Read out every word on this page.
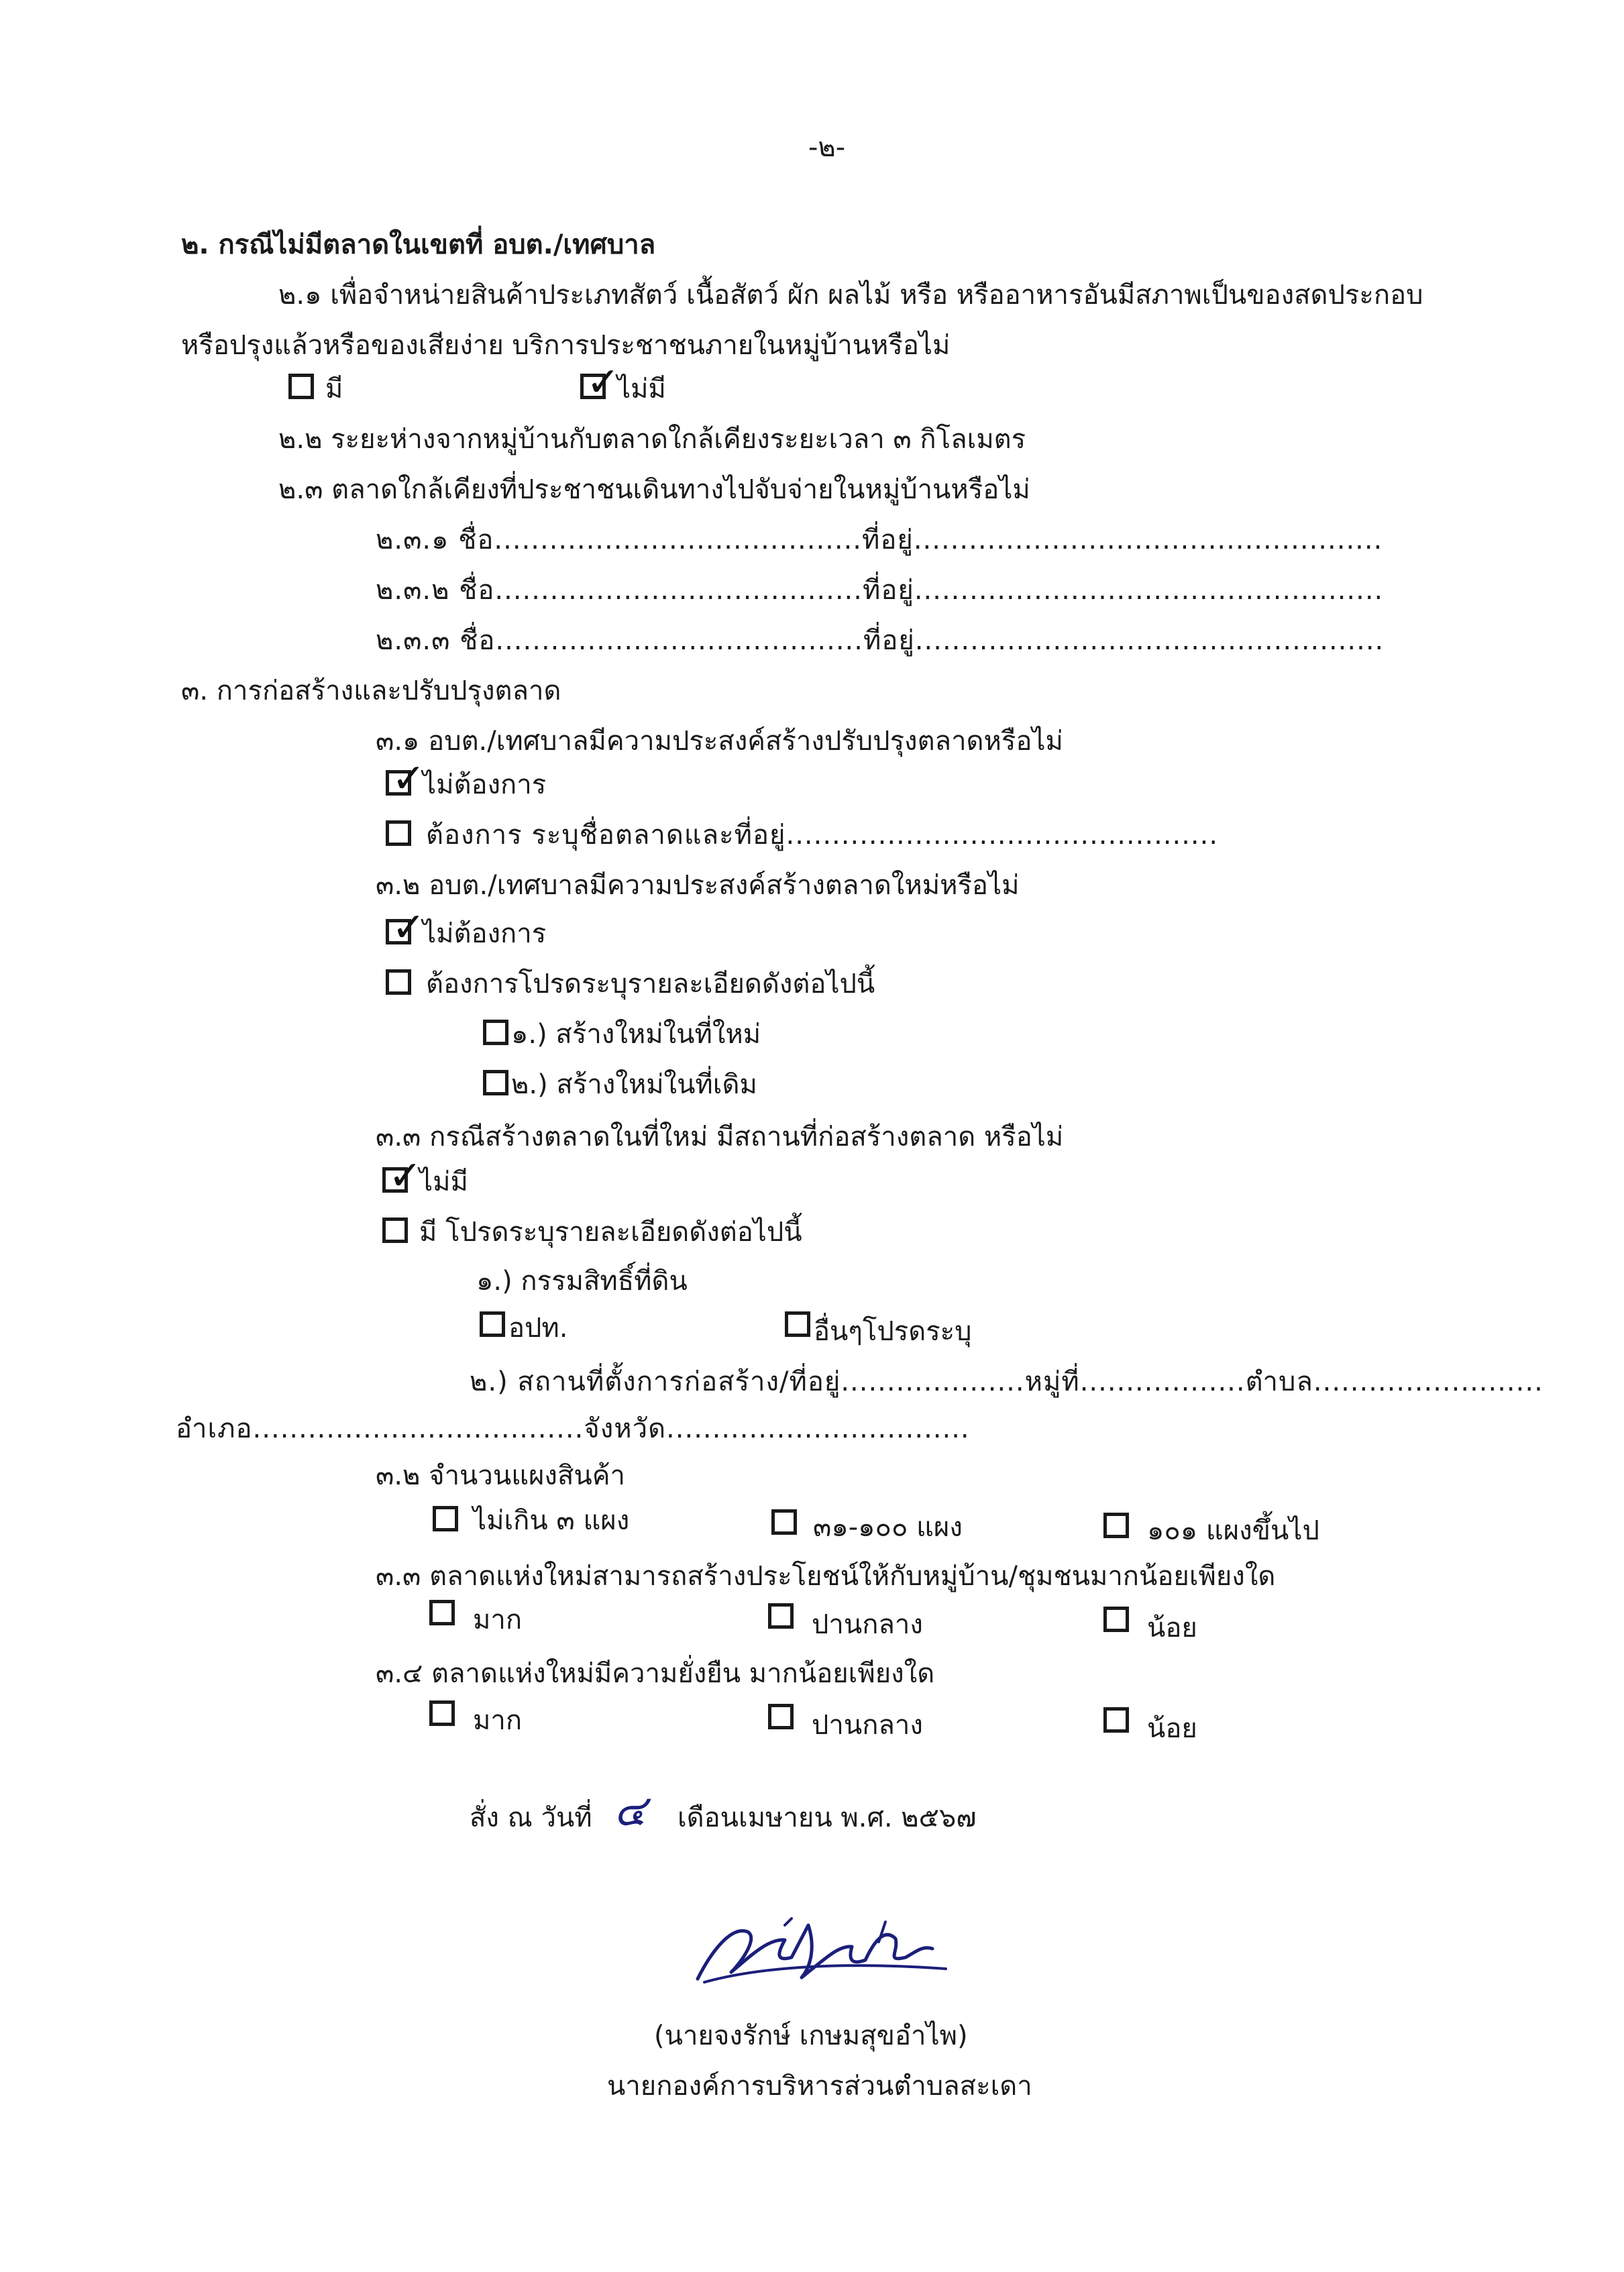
-๒-
๒. กรณีไม่มีตลาดในเขตที่ อบต./เทศบาล
๒.๑ เพื่อจำหน่ายสินค้าประเภทสัตว์ เนื้อสัตว์ ผัก ผลไม้ หรือ หรืออาหารอันมีสภาพเป็นของสดประกอบ
หรือปรุงแล้วหรือของเสียง่าย บริการประชาชนภายในหมู่บ้านหรือไม่
มี	✓
ไม่มี
๒.๒ ระยะห่างจากหมู่บ้านกับตลาดใกล้เคียงระยะเวลา ๓ กิโลเมตร
๒.๓ ตลาดใกล้เคียงที่ประชาชนเดินทางไปจับจ่ายในหมู่บ้านหรือไม่
๒.๓.๑ ชื่อ........................................ที่อยู่...................................................
๒.๓.๒ ชื่อ........................................ที่อยู่...................................................
๒.๓.๓ ชื่อ........................................ที่อยู่...................................................
๓. การก่อสร้างและปรับปรุงตลาด
๓.๑ อบต./เทศบาลมีความประสงค์สร้างปรับปรุงตลาดหรือไม่
✓
ไม่ต้องการ
ต้องการ ระบุชื่อตลาดและที่อยู่...............................................
๓.๒ อบต./เทศบาลมีความประสงค์สร้างตลาดใหม่หรือไม่
✓
ไม่ต้องการ
ต้องการโปรดระบุรายละเอียดดังต่อไปนี้
๑.) สร้างใหม่ในที่ใหม่
๒.) สร้างใหม่ในที่เดิม
๓.๓ กรณีสร้างตลาดในที่ใหม่ มีสถานที่ก่อสร้างตลาด หรือไม่
✓
ไม่มี
มี โปรดระบุรายละเอียดดังต่อไปนี้
๑.) กรรมสิทธิ์ที่ดิน
อปท.	อื่นๆโปรดระบุ
๒.) สถานที่ตั้งการก่อสร้าง/ที่อยู่....................หมู่ที่..................ตำบล.........................
อำเภอ....................................จังหวัด.................................
๓.๒ จำนวนแผงสินค้า
ไม่เกิน ๓ แผง	๓๑-๑๐๐ แผง	๑๐๑ แผงขึ้นไป
๓.๓ ตลาดแห่งใหม่สามารถสร้างประโยชน์ให้กับหมู่บ้าน/ชุมชนมากน้อยเพียงใด
มาก	ปานกลาง	น้อย
๓.๔ ตลาดแห่งใหม่มีความยั่งยืน มากน้อยเพียงใด
มาก	ปานกลาง	น้อย
สั่ง ณ วันที่ ๔ เดือนเมษายน พ.ศ. ๒๕๖๗
(นายจงรักษ์ เกษมสุขอำไพ)
นายกองค์การบริหารส่วนตำบลสะเดา
